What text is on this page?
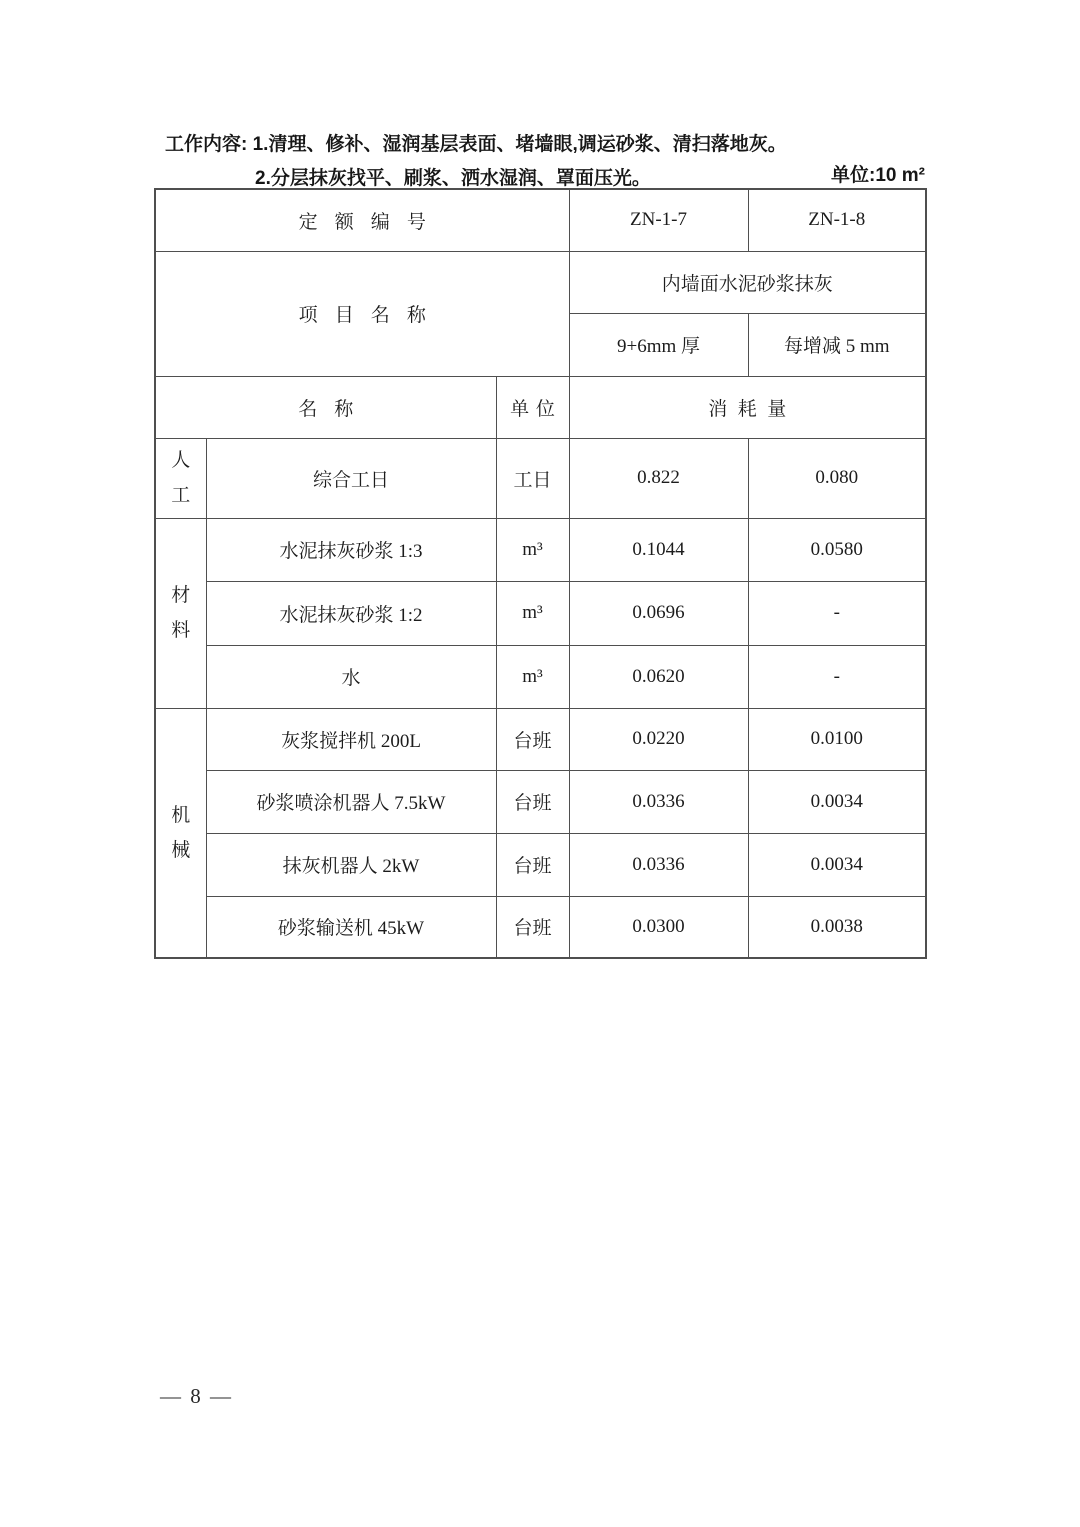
工作内容: 1.清理、修补、湿润基层表面、堵墙眼,调运砂浆、清扫落地灰。
2.分层抹灰找平、刷浆、洒水湿润、罩面压光。	单位:10 m²
定额编号			ZN-1-7	ZN-1-8
项目名称			内墙面水泥砂浆抹灰	
			9+6mm 厚	每增减 5 mm
名称		单位	消耗量	

人工	综合工日	工日	0.822	0.080

材料	水泥抹灰砂浆 1:3	m³	0.1044	0.0580
	水泥抹灰砂浆 1:2	m³	0.0696	-
	水	m³	0.0620	-

机械	灰浆搅拌机 200L	台班	0.0220	0.0100
	砂浆喷涂机器人 7.5kW	台班	0.0336	0.0034
	抹灰机器人 2kW	台班	0.0336	0.0034
	砂浆输送机 45kW	台班	0.0300	0.0038
— 8 —
